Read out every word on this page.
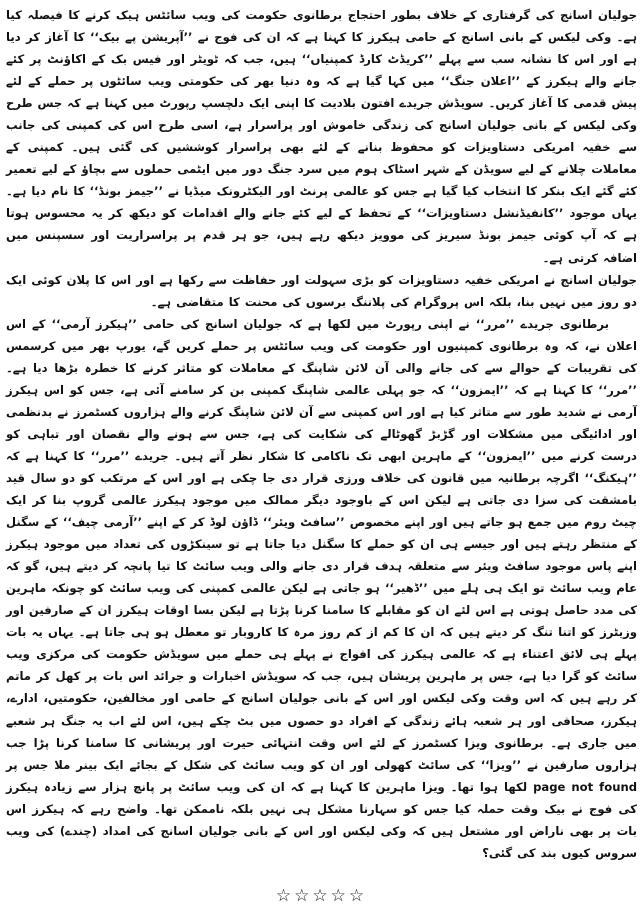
جولیان اسانج کی گرفتاری کے خلاف بطور احتجاج برطانوی حکومت کی ویب سائٹس ہیک کرنے کا فیصلہ کیا ہے۔ وکی لیکس کے بانی اسانج کے حامی ہیکرز کا کہنا ہے کہ ان کی فوج نے ’’آپریشن پے بیک‘‘ کا آغاز کر دیا ہے اور اس کا نشانہ سب سے پہلے ’’کریڈٹ کارڈ کمپنیاں‘‘ ہیں، جب کہ ٹویٹر اور فیس بک کے اکاؤنٹ پر کئے جانے والے ہیکرز کے ’’اعلان جنگ‘‘ میں کہا گیا ہے کہ وہ دنیا بھر کی حکومتی ویب سائٹوں پر حملے کے لئے پیش قدمی کا آغاز کریں۔ سویڈش جریدے افتون بلادیت کا اپنی ایک دلچسپ رپورٹ میں کہنا ہے کہ جس طرح وکی لیکس کے بانی جولیان اسانج کی زندگی خاموش اور پراسرار ہے، اسی طرح اس کی کمپنی کی جانب سے خفیہ امریکی دستاویزات کو محفوظ بنانے کے لئے بھی پراسرار کوششیں کی گئی ہیں۔ کمپنی کے معاملات چلانے کے لیے سویڈن کے شہر اسٹاک ہوم میں سرد جنگ دور میں ایٹمی حملوں سے بچاؤ کے لیے تعمیر کئے گئے ایک بنکر کا انتخاب کیا گیا ہے جس کو عالمی پرنٹ اور الیکٹرونک میڈیا نے ’’جیمز بونڈ‘‘ کا نام دیا ہے۔ یہاں موجود ’’کانفیڈنشل دستاویزات‘‘ کے تحفظ کے لیے کئے جانے والے اقدامات کو دیکھ کر یہ محسوس ہوتا ہے کہ آپ کوئی جیمز بونڈ سیریز کی موویز دیکھ رہے ہیں، جو ہر قدم پر پراسراریت اور سسپنس میں اضافہ کرتی ہے۔

جولیان اسانج نے امریکی خفیہ دستاویزات کو بڑی سہولت اور حفاظت سے رکھا ہے اور اس کا پلان کوئی ایک دو روز میں نہیں بنا، بلکہ اس پروگرام کی پلاننگ برسوں کی محنت کا متقاضی ہے۔

برطانوی جریدے ’’مرر‘‘ نے اپنی رپورٹ میں لکھا ہے کہ جولیان اسانج کی حامی ’’ہیکرز آرمی‘‘ کے اس اعلان نے، کہ وہ برطانوی کمپنیوں اور حکومت کی ویب سائٹس پر حملے کریں گے، یورپ بھر میں کرسمس کی تقریبات کے حوالے سے کی جانے والی آن لائن شاپنگ کے معاملات کو متاثر کرنے کا خطرہ بڑھا دیا ہے۔ ’’مرر‘‘ کا کہنا ہے کہ ’’ایمزون‘‘ کہ جو پہلی عالمی شاپنگ کمپنی بن کر سامنے آئی ہے، جس کو اس ہیکرز آرمی نے شدید طور سے متاثر کیا ہے اور اس کمپنی سے آن لائن شاپنگ کرنے والے ہزاروں کسٹمرز نے بدنظمی اور ادائیگی میں مشکلات اور گڑبڑ گھوٹالے کی شکایت کی ہے، جس سے ہونے والے نقصان اور تباہی کو درست کرنے میں ’’ایمزون‘‘ کے ماہرین ابھی تک ناکامی کا شکار نظر آتے ہیں۔ جریدے ’’مرر‘‘ کا کہنا ہے کہ ’’ہیکنگ‘‘ اگرچہ برطانیہ میں قانون کی خلاف ورزی قرار دی جا چکی ہے اور اس کے مرتکب کو دو سال قید بامشقت کی سزا دی جاتی ہے لیکن اس کے باوجود دیگر ممالک میں موجود ہیکرز عالمی گروپ بنا کر ایک چیٹ روم میں جمع ہو جاتے ہیں اور اپنے مخصوص ’’سافٹ ویئر‘‘ ڈاؤن لوڈ کر کے اپنے ’’آرمی چیف‘‘ کے سگنل کے منتظر رہتے ہیں اور جیسے ہی ان کو حملے کا سگنل دیا جاتا ہے تو سینکڑوں کی تعداد میں موجود ہیکرز اپنے پاس موجود سافٹ ویئر سے متعلقہ ہدف قرار دی جانے والی ویب سائٹ کا تیا پانچہ کر دیتے ہیں، گو کہ عام ویب سائٹ تو ایک ہی ہلے میں ’’ڈھیر‘‘ ہو جاتی ہے لیکن عالمی کمپنی کی ویب سائٹ کو چونکہ ماہرین کی مدد حاصل ہوتی ہے اس لئے ان کو مقابلے کا سامنا کرنا پڑتا ہے لیکن بسا اوقات ہیکرز ان کے صارفین اور وزیٹرز کو اتنا تنگ کر دیتے ہیں کہ ان کا کم از کم روز مرہ کا کاروبار تو معطل ہو ہی جاتا ہے۔ یہاں یہ بات پہلے ہی لائق اعتناء ہے کہ عالمی ہیکرز کی افواج نے پہلے ہی حملے میں سویڈش حکومت کی مرکزی ویب سائٹ کو گرا دیا ہے، جس پر ماہرین پریشان ہیں، جب کہ سویڈش اخبارات و جرائد اس بات پر کھل کر ماتم کر رہے ہیں کہ اس وقت وکی لیکس اور اس کے بانی جولیان اسانج کے حامی اور مخالفین، حکومتیں، ادارے، ہیکرز، صحافی اور ہر شعبہ ہائے زندگی کے افراد دو حصوں میں بٹ چکے ہیں، اس لئے اب یہ جنگ ہر شعبے میں جاری ہے۔ برطانوی ویزا کسٹمرز کے لئے اس وقت انتہائی حیرت اور پریشانی کا سامنا کرنا پڑا جب ہزاروں صارفین نے ’’ویزا‘‘ کی سائٹ کھولی اور ان کو ویب سائٹ کی شکل کے بجائے ایک بینر ملا جس پر page not found لکھا ہوا تھا۔ ویزا ماہرین کا کہنا ہے کہ ان کی ویب سائٹ پر پانچ ہزار سے زیادہ ہیکرز کی فوج نے بیک وقت حملہ کیا جس کو سہارنا مشکل ہی نہیں بلکہ ناممکن تھا۔ واضح رہے کہ ہیکرز اس بات پر بھی ناراض اور مشتعل ہیں کہ وکی لیکس اور اس کے بانی جولیان اسانج کی امداد (چندے) کی ویب سروس کیوں بند کی گئی؟

☆☆☆☆☆
